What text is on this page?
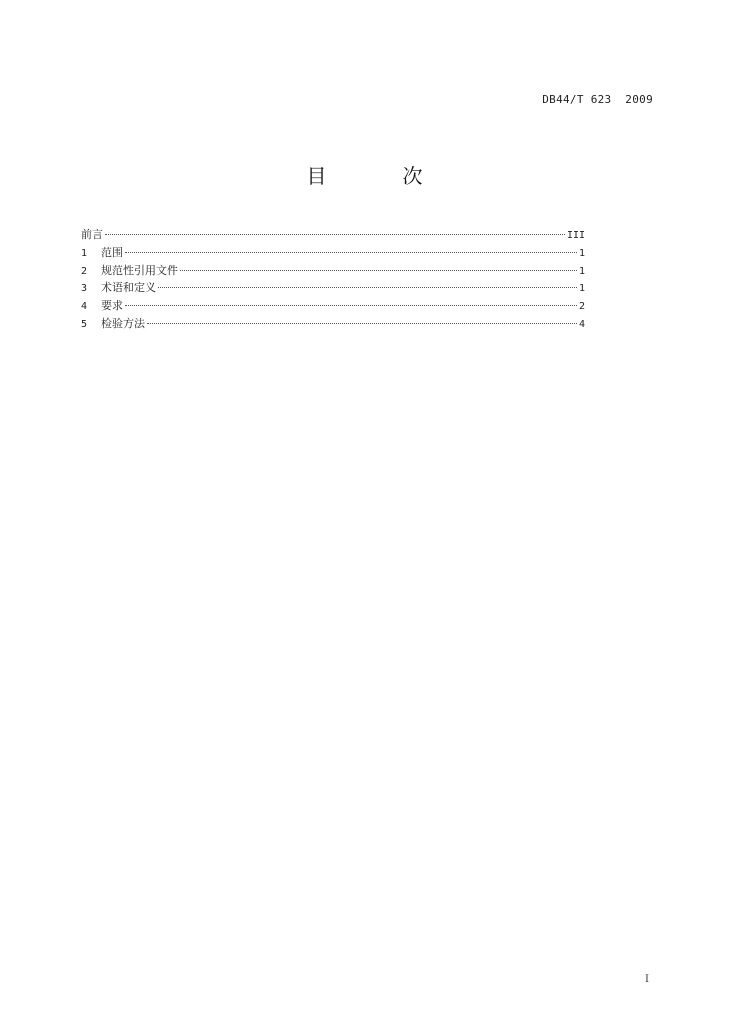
DB44/T 623  2009
目　次
前言	III
1	范围	1
2	规范性引用文件	1
3	术语和定义	1
4	要求	2
5	检验方法	4
I
